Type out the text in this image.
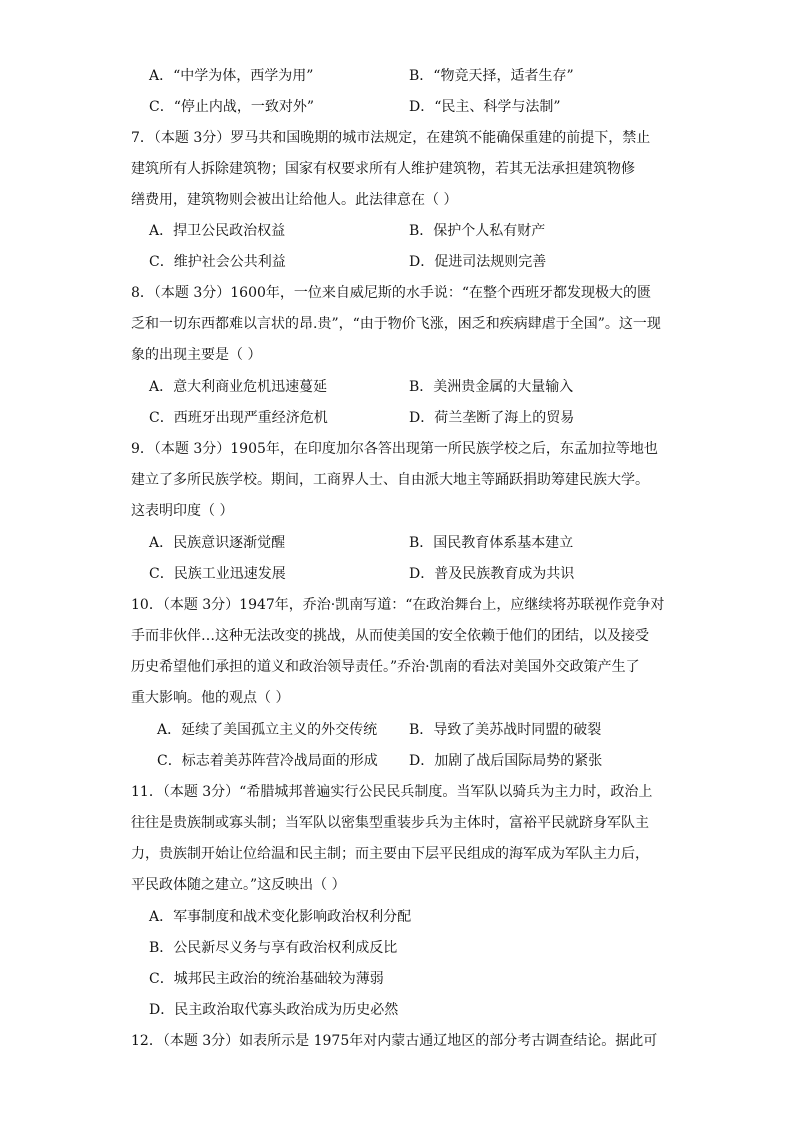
A．“中学为体，西学为用”	B．“物竞天择，适者生存”
C．“停止内战，一致对外”	D．“民主、科学与法制”
7．（本题 3分）罗马共和国晚期的城市法规定，在建筑不能确保重建的前提下，禁止
建筑所有人拆除建筑物；国家有权要求所有人维护建筑物，若其无法承担建筑物修
缮费用，建筑物则会被出让给他人。此法律意在（ ）
A．捍卫公民政治权益	B．保护个人私有财产
C．维护社会公共利益	D．促进司法规则完善
8．（本题 3分）1600年，一位来自威尼斯的水手说：“在整个西班牙都发现极大的匮
乏和一切东西都难以言状的昂.贵”，“由于物价飞涨，困乏和疾病肆虐于全国”。这一现
象的出现主要是（ ）
A．意大利商业危机迅速蔓延	B．美洲贵金属的大量输入
C．西班牙出现严重经济危机	D．荷兰垄断了海上的贸易
9．（本题 3分）1905年，在印度加尔各答出现第一所民族学校之后，东孟加拉等地也
建立了多所民族学校。期间，工商界人士、自由派大地主等踊跃捐助筹建民族大学。
这表明印度（ ）
A．民族意识逐渐觉醒	B．国民教育体系基本建立
C．民族工业迅速发展	D．普及民族教育成为共识
10．（本题 3分）1947年，乔治·凯南写道：“在政治舞台上，应继续将苏联视作竞争对
手而非伙伴…这种无法改变的挑战，从而使美国的安全依赖于他们的团结，以及接受
历史希望他们承担的道义和政治领导责任。”乔治·凯南的看法对美国外交政策产生了
重大影响。他的观点（ ）
A．延续了美国孤立主义的外交传统 B．导致了美苏战时同盟的破裂
C．标志着美苏阵营冷战局面的形成 D．加剧了战后国际局势的紧张
11．（本题 3分）“希腊城邦普遍实行公民民兵制度。当军队以骑兵为主力时，政治上
往往是贵族制或寡头制；当军队以密集型重装步兵为主体时，富裕平民就跻身军队主
力，贵族制开始让位给温和民主制；而主要由下层平民组成的海军成为军队主力后，
平民政体随之建立。”这反映出（ ）
A．军事制度和战术变化影响政治权利分配
B．公民新尽义务与享有政治权利成反比
C．城邦民主政治的统治基础较为薄弱
D．民主政治取代寡头政治成为历史必然
12．（本题 3分）如表所示是 1975年对内蒙古通辽地区的部分考古调查结论。据此可
